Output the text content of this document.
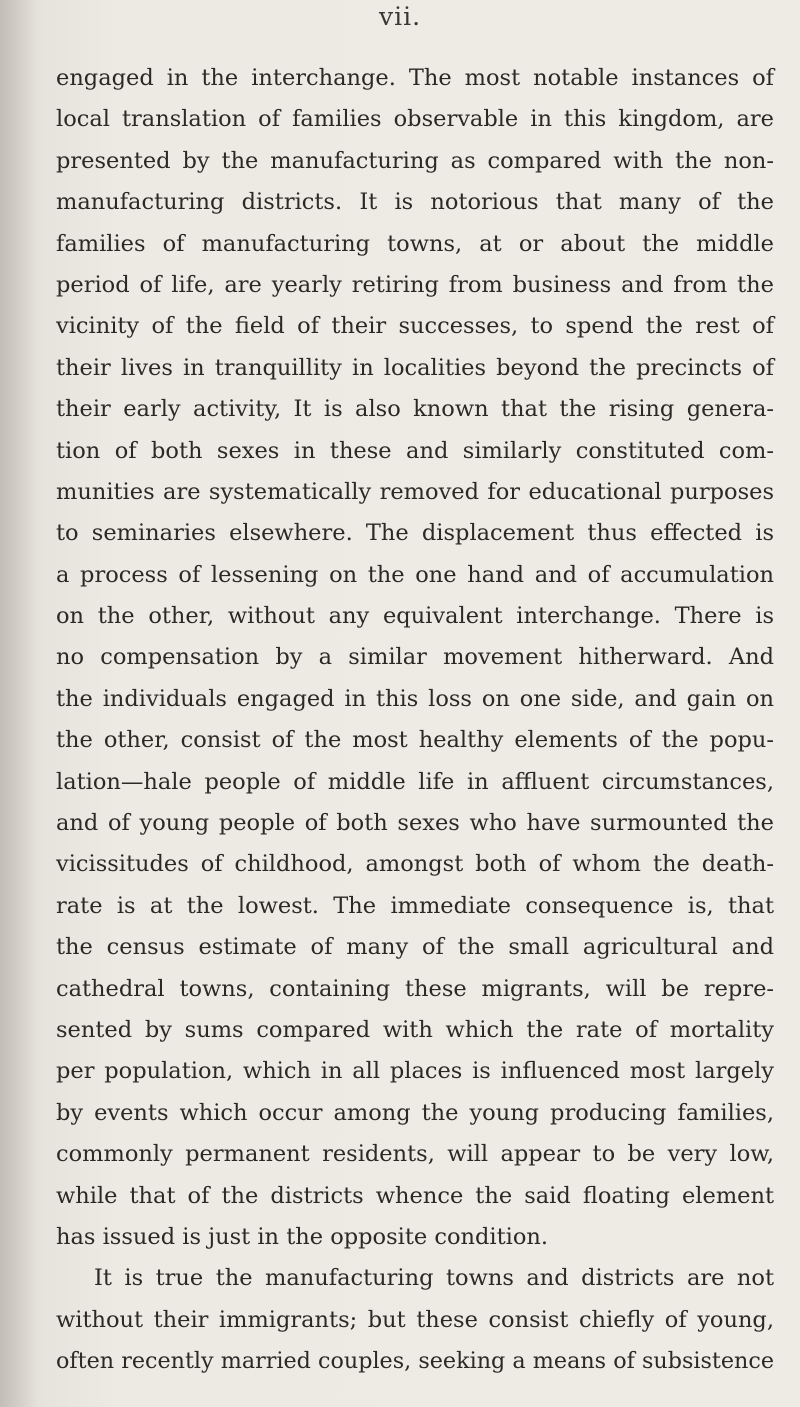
vii.
engaged in the interchange. The most notable instances of
local translation of families observable in this kingdom, are
presented by the manufacturing as compared with the non-
manufacturing districts. It is notorious that many of the
families of manufacturing towns, at or about the middle
period of life, are yearly retiring from business and from the
vicinity of the field of their successes, to spend the rest of
their lives in tranquillity in localities beyond the precincts of
their early activity, It is also known that the rising genera-
tion of both sexes in these and similarly constituted com-
munities are systematically removed for educational purposes
to seminaries elsewhere. The displacement thus effected is
a process of lessening on the one hand and of accumulation
on the other, without any equivalent interchange. There is
no compensation by a similar movement hitherward. And
the individuals engaged in this loss on one side, and gain on
the other, consist of the most healthy elements of the popu-
lation—hale people of middle life in affluent circumstances,
and of young people of both sexes who have surmounted the
vicissitudes of childhood, amongst both of whom the death-
rate is at the lowest. The immediate consequence is, that
the census estimate of many of the small agricultural and
cathedral towns, containing these migrants, will be repre-
sented by sums compared with which the rate of mortality
per population, which in all places is influenced most largely
by events which occur among the young producing families,
commonly permanent residents, will appear to be very low,
while that of the districts whence the said floating element
has issued is just in the opposite condition.
It is true the manufacturing towns and districts are not
without their immigrants; but these consist chiefly of young,
often recently married couples, seeking a means of subsistence
